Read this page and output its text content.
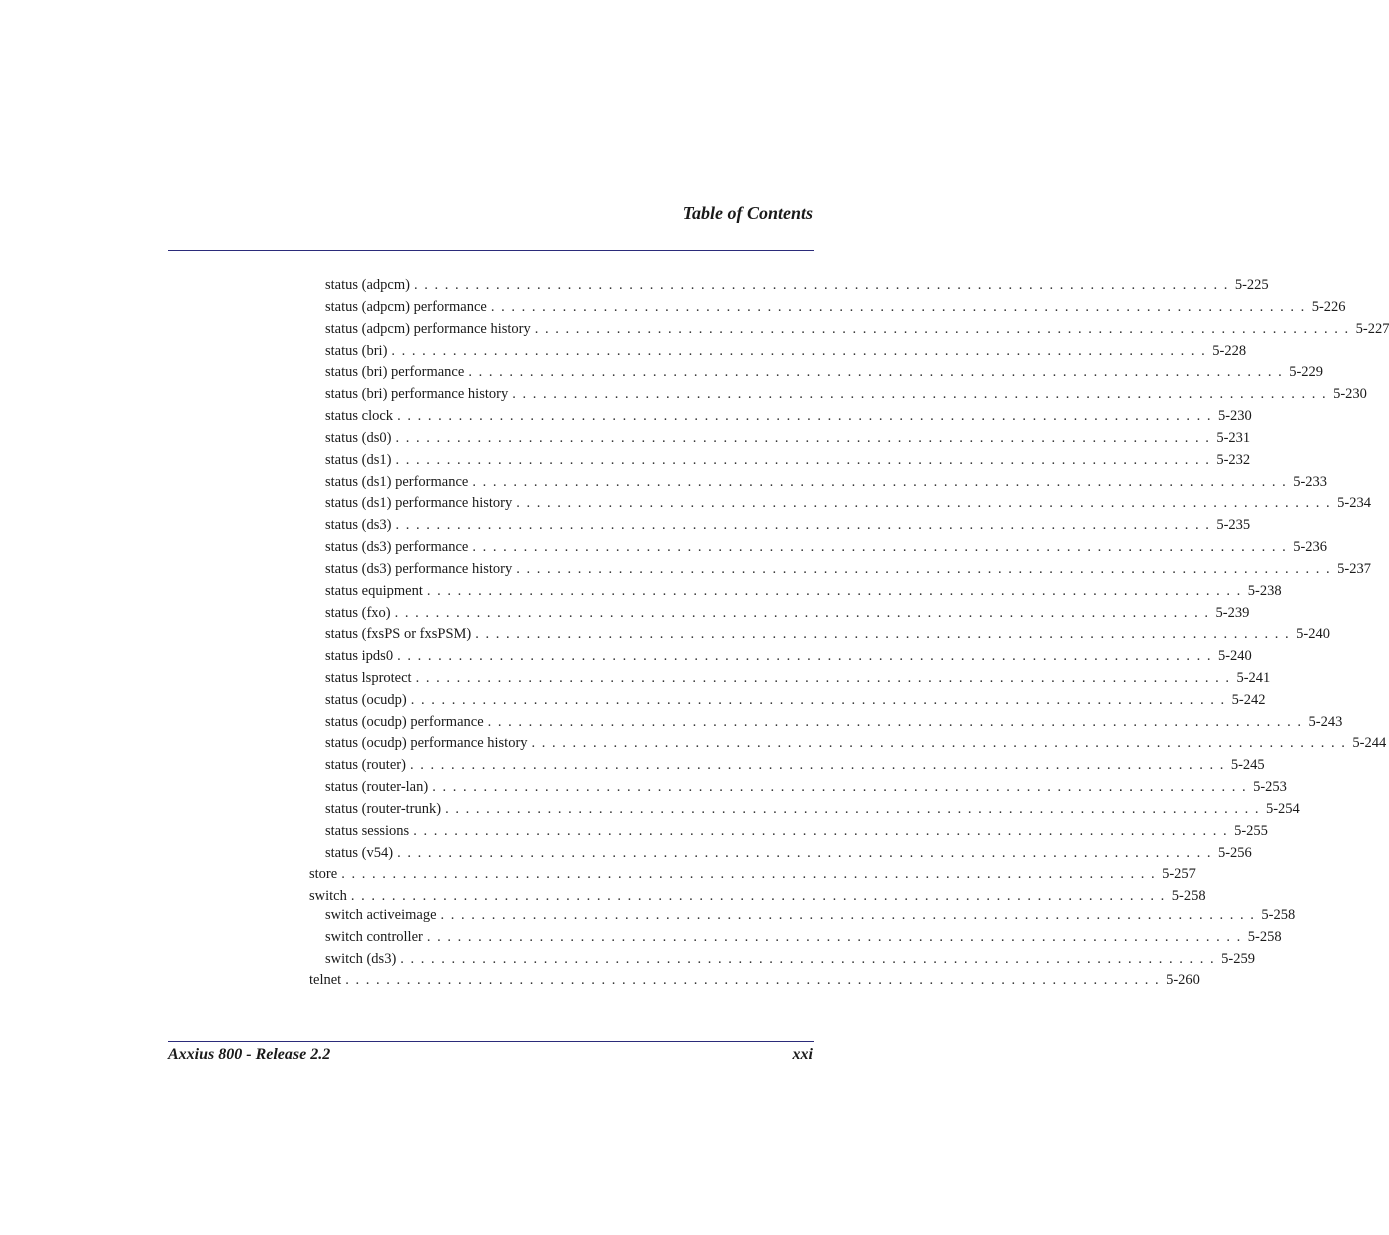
Table of Contents
status (adpcm) . . . . . . . . . . . . . . . . . . . . . . . . . . . . . . . . . . . . . . . . . . . . . . . . . . . . . . . . . . . . . . . . . . . . . . . . . . . . . . . . 5-225
status (adpcm) performance . . . . . . . . . . . . . . . . . . . . . . . . . . . . . . . . . . . . . . . . . . . . . . . . . . . . . . . . . . . . . . . . . . . . . . . . . . . . . . . . 5-226
status (adpcm) performance history . . . . . . . . . . . . . . . . . . . . . . . . . . . . . . . . . . . . . . . . . . . . . . . . . . . . . . . . . . . . . . . . . . . . . . . . . . . . . . . . 5-227
status (bri) . . . . . . . . . . . . . . . . . . . . . . . . . . . . . . . . . . . . . . . . . . . . . . . . . . . . . . . . . . . . . . . . . . . . . . . . . . . . . . . . 5-228
status (bri) performance . . . . . . . . . . . . . . . . . . . . . . . . . . . . . . . . . . . . . . . . . . . . . . . . . . . . . . . . . . . . . . . . . . . . . . . . . . . . . . . . 5-229
status (bri) performance history . . . . . . . . . . . . . . . . . . . . . . . . . . . . . . . . . . . . . . . . . . . . . . . . . . . . . . . . . . . . . . . . . . . . . . . . . . . . . . . . 5-230
status clock . . . . . . . . . . . . . . . . . . . . . . . . . . . . . . . . . . . . . . . . . . . . . . . . . . . . . . . . . . . . . . . . . . . . . . . . . . . . . . . . 5-230
status (ds0) . . . . . . . . . . . . . . . . . . . . . . . . . . . . . . . . . . . . . . . . . . . . . . . . . . . . . . . . . . . . . . . . . . . . . . . . . . . . . . . . 5-231
status (ds1) . . . . . . . . . . . . . . . . . . . . . . . . . . . . . . . . . . . . . . . . . . . . . . . . . . . . . . . . . . . . . . . . . . . . . . . . . . . . . . . . 5-232
status (ds1) performance . . . . . . . . . . . . . . . . . . . . . . . . . . . . . . . . . . . . . . . . . . . . . . . . . . . . . . . . . . . . . . . . . . . . . . . . . . . . . . . . 5-233
status (ds1) performance history . . . . . . . . . . . . . . . . . . . . . . . . . . . . . . . . . . . . . . . . . . . . . . . . . . . . . . . . . . . . . . . . . . . . . . . . . . . . . . . . 5-234
status (ds3) . . . . . . . . . . . . . . . . . . . . . . . . . . . . . . . . . . . . . . . . . . . . . . . . . . . . . . . . . . . . . . . . . . . . . . . . . . . . . . . . 5-235
status (ds3) performance . . . . . . . . . . . . . . . . . . . . . . . . . . . . . . . . . . . . . . . . . . . . . . . . . . . . . . . . . . . . . . . . . . . . . . . . . . . . . . . . 5-236
status (ds3) performance history . . . . . . . . . . . . . . . . . . . . . . . . . . . . . . . . . . . . . . . . . . . . . . . . . . . . . . . . . . . . . . . . . . . . . . . . . . . . . . . . 5-237
status equipment . . . . . . . . . . . . . . . . . . . . . . . . . . . . . . . . . . . . . . . . . . . . . . . . . . . . . . . . . . . . . . . . . . . . . . . . . . . . . . . . 5-238
status (fxo) . . . . . . . . . . . . . . . . . . . . . . . . . . . . . . . . . . . . . . . . . . . . . . . . . . . . . . . . . . . . . . . . . . . . . . . . . . . . . . . . 5-239
status (fxsPS or fxsPSM) . . . . . . . . . . . . . . . . . . . . . . . . . . . . . . . . . . . . . . . . . . . . . . . . . . . . . . . . . . . . . . . . . . . . . . . . . . . . . . . . 5-240
status ipds0 . . . . . . . . . . . . . . . . . . . . . . . . . . . . . . . . . . . . . . . . . . . . . . . . . . . . . . . . . . . . . . . . . . . . . . . . . . . . . . . . 5-240
status lsprotect . . . . . . . . . . . . . . . . . . . . . . . . . . . . . . . . . . . . . . . . . . . . . . . . . . . . . . . . . . . . . . . . . . . . . . . . . . . . . . . . 5-241
status (ocudp) . . . . . . . . . . . . . . . . . . . . . . . . . . . . . . . . . . . . . . . . . . . . . . . . . . . . . . . . . . . . . . . . . . . . . . . . . . . . . . . . 5-242
status (ocudp) performance . . . . . . . . . . . . . . . . . . . . . . . . . . . . . . . . . . . . . . . . . . . . . . . . . . . . . . . . . . . . . . . . . . . . . . . . . . . . . . . . 5-243
status (ocudp) performance history . . . . . . . . . . . . . . . . . . . . . . . . . . . . . . . . . . . . . . . . . . . . . . . . . . . . . . . . . . . . . . . . . . . . . . . . . . . . . . . . 5-244
status (router) . . . . . . . . . . . . . . . . . . . . . . . . . . . . . . . . . . . . . . . . . . . . . . . . . . . . . . . . . . . . . . . . . . . . . . . . . . . . . . . . 5-245
status (router-lan) . . . . . . . . . . . . . . . . . . . . . . . . . . . . . . . . . . . . . . . . . . . . . . . . . . . . . . . . . . . . . . . . . . . . . . . . . . . . . . . . 5-253
status (router-trunk) . . . . . . . . . . . . . . . . . . . . . . . . . . . . . . . . . . . . . . . . . . . . . . . . . . . . . . . . . . . . . . . . . . . . . . . . . . . . . . . . 5-254
status sessions . . . . . . . . . . . . . . . . . . . . . . . . . . . . . . . . . . . . . . . . . . . . . . . . . . . . . . . . . . . . . . . . . . . . . . . . . . . . . . . . 5-255
status (v54) . . . . . . . . . . . . . . . . . . . . . . . . . . . . . . . . . . . . . . . . . . . . . . . . . . . . . . . . . . . . . . . . . . . . . . . . . . . . . . . . 5-256
store . . . . . . . . . . . . . . . . . . . . . . . . . . . . . . . . . . . . . . . . . . . . . . . . . . . . . . . . . . . . . . . . . . . . . . . . . . . . . . . . 5-257
switch . . . . . . . . . . . . . . . . . . . . . . . . . . . . . . . . . . . . . . . . . . . . . . . . . . . . . . . . . . . . . . . . . . . . . . . . . . . . . . . . 5-258
switch activeimage . . . . . . . . . . . . . . . . . . . . . . . . . . . . . . . . . . . . . . . . . . . . . . . . . . . . . . . . . . . . . . . . . . . . . . . . . . . . . . . . 5-258
switch controller . . . . . . . . . . . . . . . . . . . . . . . . . . . . . . . . . . . . . . . . . . . . . . . . . . . . . . . . . . . . . . . . . . . . . . . . . . . . . . . . 5-258
switch (ds3) . . . . . . . . . . . . . . . . . . . . . . . . . . . . . . . . . . . . . . . . . . . . . . . . . . . . . . . . . . . . . . . . . . . . . . . . . . . . . . . . 5-259
telnet . . . . . . . . . . . . . . . . . . . . . . . . . . . . . . . . . . . . . . . . . . . . . . . . . . . . . . . . . . . . . . . . . . . . . . . . . . . . . . . . 5-260
Axxius 800 - Release 2.2	xxi
